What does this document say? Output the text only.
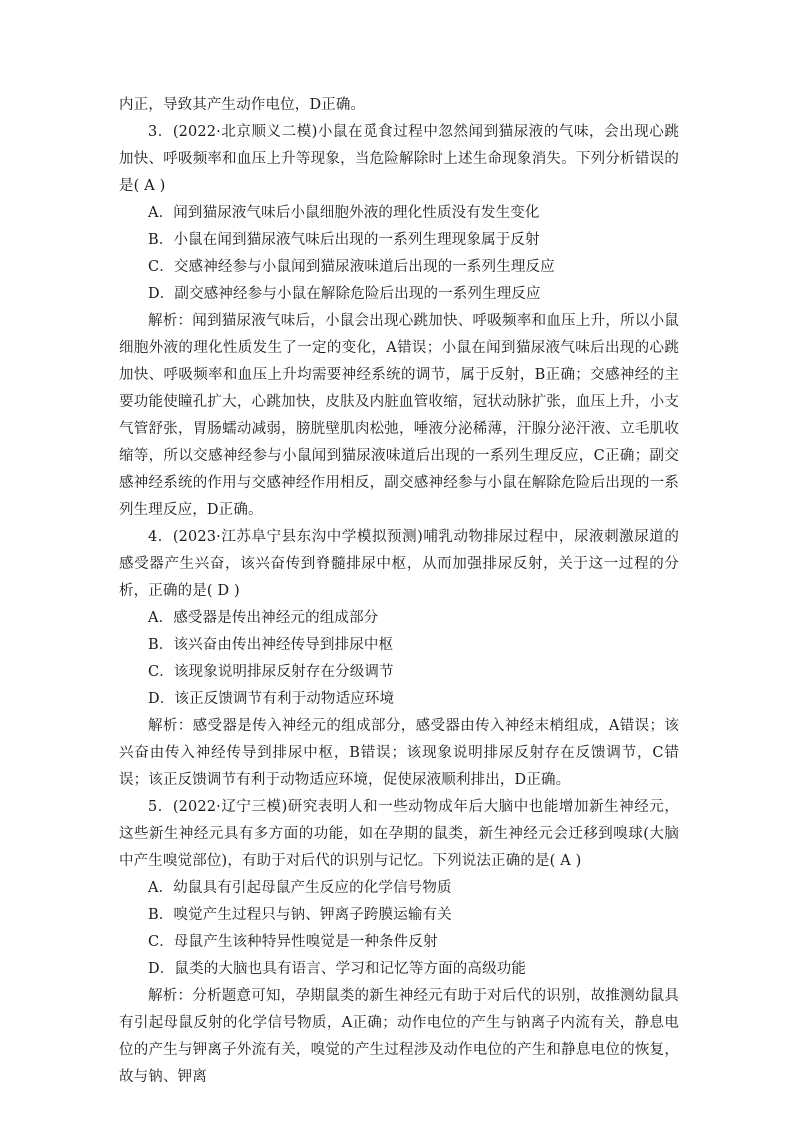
内正，导致其产生动作电位，D正确。

3．(2022·北京顺义二模)小鼠在觅食过程中忽然闻到猫尿液的气味，会出现心跳加快、呼吸频率和血压上升等现象，当危险解除时上述生命现象消失。下列分析错误的是( A )

A．闻到猫尿液气味后小鼠细胞外液的理化性质没有发生变化

B．小鼠在闻到猫尿液气味后出现的一系列生理现象属于反射

C．交感神经参与小鼠闻到猫尿液味道后出现的一系列生理反应

D．副交感神经参与小鼠在解除危险后出现的一系列生理反应

解析：闻到猫尿液气味后，小鼠会出现心跳加快、呼吸频率和血压上升，所以小鼠细胞外液的理化性质发生了一定的变化，A错误；小鼠在闻到猫尿液气味后出现的心跳加快、呼吸频率和血压上升均需要神经系统的调节，属于反射，B正确；交感神经的主要功能使瞳孔扩大，心跳加快，皮肤及内脏血管收缩，冠状动脉扩张，血压上升，小支气管舒张，胃肠蠕动减弱，膀胱壁肌肉松弛，唾液分泌稀薄，汗腺分泌汗液、立毛肌收缩等，所以交感神经参与小鼠闻到猫尿液味道后出现的一系列生理反应，C正确；副交感神经系统的作用与交感神经作用相反，副交感神经参与小鼠在解除危险后出现的一系列生理反应，D正确。

4．(2023·江苏阜宁县东沟中学模拟预测)哺乳动物排尿过程中，尿液刺激尿道的感受器产生兴奋，该兴奋传到脊髓排尿中枢，从而加强排尿反射，关于这一过程的分析，正确的是( D )

A．感受器是传出神经元的组成部分

B．该兴奋由传出神经传导到排尿中枢

C．该现象说明排尿反射存在分级调节

D．该正反馈调节有利于动物适应环境

解析：感受器是传入神经元的组成部分，感受器由传入神经末梢组成，A错误；该兴奋由传入神经传导到排尿中枢，B错误；该现象说明排尿反射存在反馈调节，C错误；该正反馈调节有利于动物适应环境，促使尿液顺利排出，D正确。

5．(2022·辽宁三模)研究表明人和一些动物成年后大脑中也能增加新生神经元，这些新生神经元具有多方面的功能，如在孕期的鼠类，新生神经元会迁移到嗅球(大脑中产生嗅觉部位)，有助于对后代的识别与记忆。下列说法正确的是( A )

A．幼鼠具有引起母鼠产生反应的化学信号物质

B．嗅觉产生过程只与钠、钾离子跨膜运输有关

C．母鼠产生该种特异性嗅觉是一种条件反射

D．鼠类的大脑也具有语言、学习和记忆等方面的高级功能

解析：分析题意可知，孕期鼠类的新生神经元有助于对后代的识别，故推测幼鼠具有引起母鼠反射的化学信号物质，A正确；动作电位的产生与钠离子内流有关，静息电位的产生与钾离子外流有关，嗅觉的产生过程涉及动作电位的产生和静息电位的恢复，故与钠、钾离
